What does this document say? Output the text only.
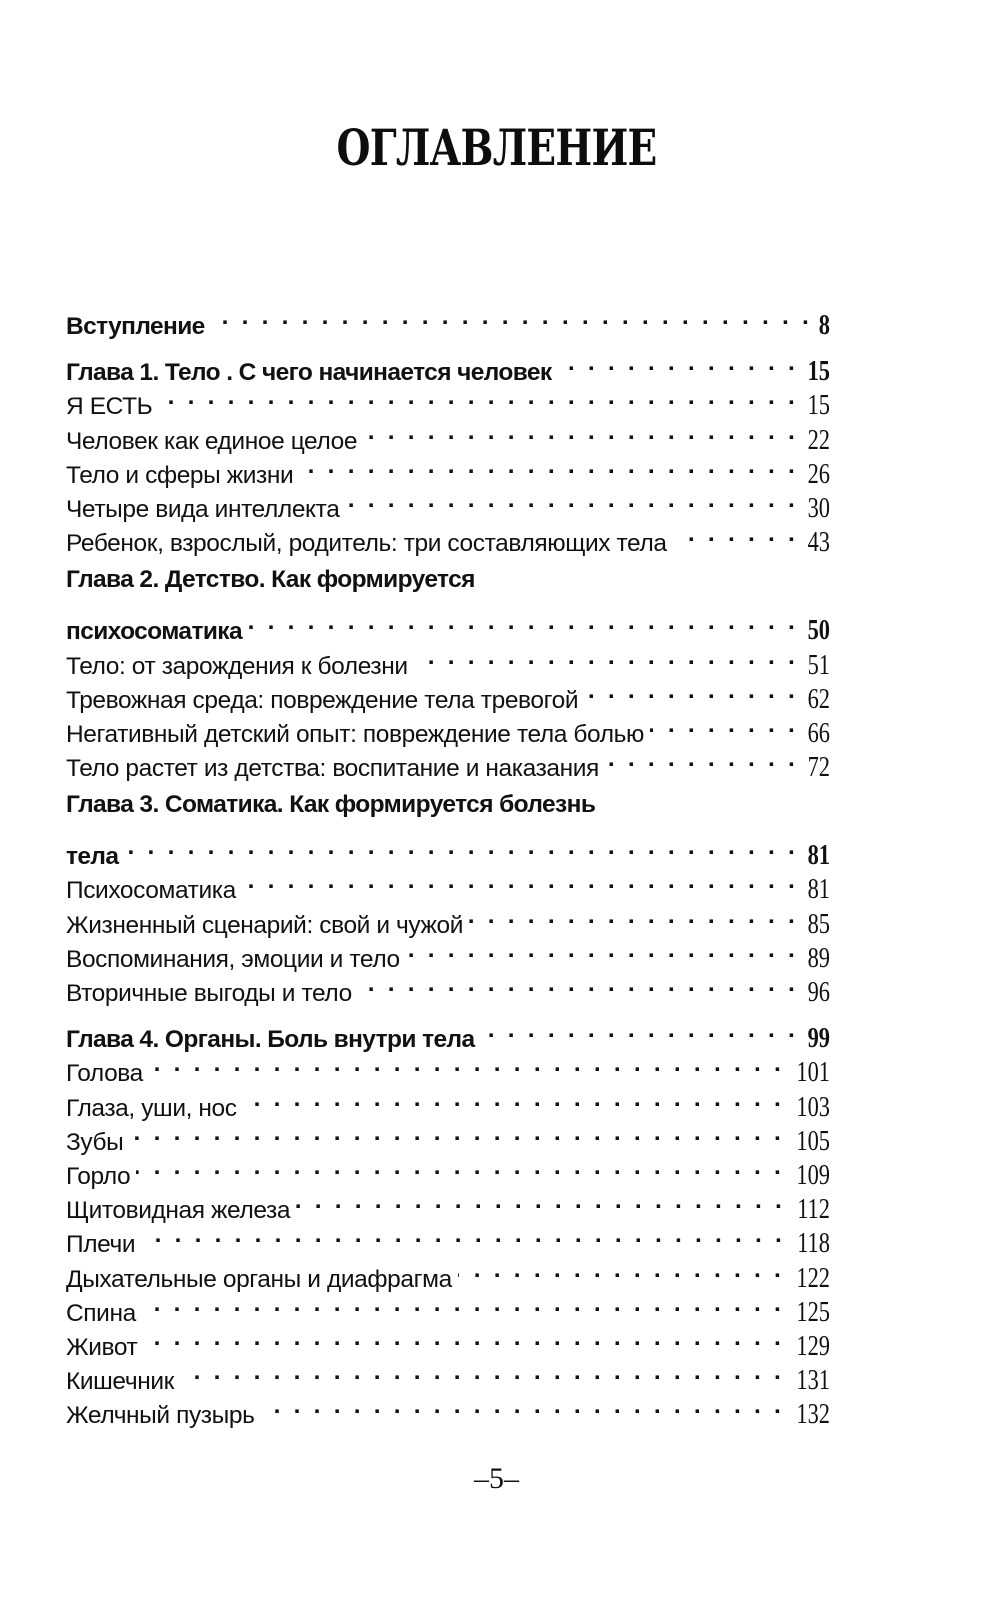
ОГЛАВЛЕНИЕ
Вступление . . .	8
Глава 1. Тело . С чего начинается человек . . .	15
Я ЕСТЬ . . .	15
Человек как единое целое . . .	22
Тело и сферы жизни . . .	26
Четыре вида интеллекта . . .	30
Ребенок, взрослый, родитель: три составляющих тела . . .	43
Глава 2. Детство. Как формируется
психосоматика . . .	50
Тело: от зарождения к болезни . . .	51
Тревожная среда: повреждение тела тревогой . . .	62
Негативный детский опыт: повреждение тела болью . . .	66
Тело растет из детства: воспитание и наказания . . .	72
Глава 3. Соматика. Как формируется болезнь
тела . . .	81
Психосоматика . . .	81
Жизненный сценарий: свой и чужой . . .	85
Воспоминания, эмоции и тело . . .	89
Вторичные выгоды и тело . . .	96
Глава 4. Органы. Боль внутри тела . . .	99
Голова . . .	101
Глаза, уши, нос . . .	103
Зубы . . .	105
Горло . . .	109
Щитовидная железа . . .	112
Плечи . . .	118
Дыхательные органы и диафрагма . . .	122
Спина . . .	125
Живот . . .	129
Кишечник . . .	131
Желчный пузырь . . .	132
–5–
